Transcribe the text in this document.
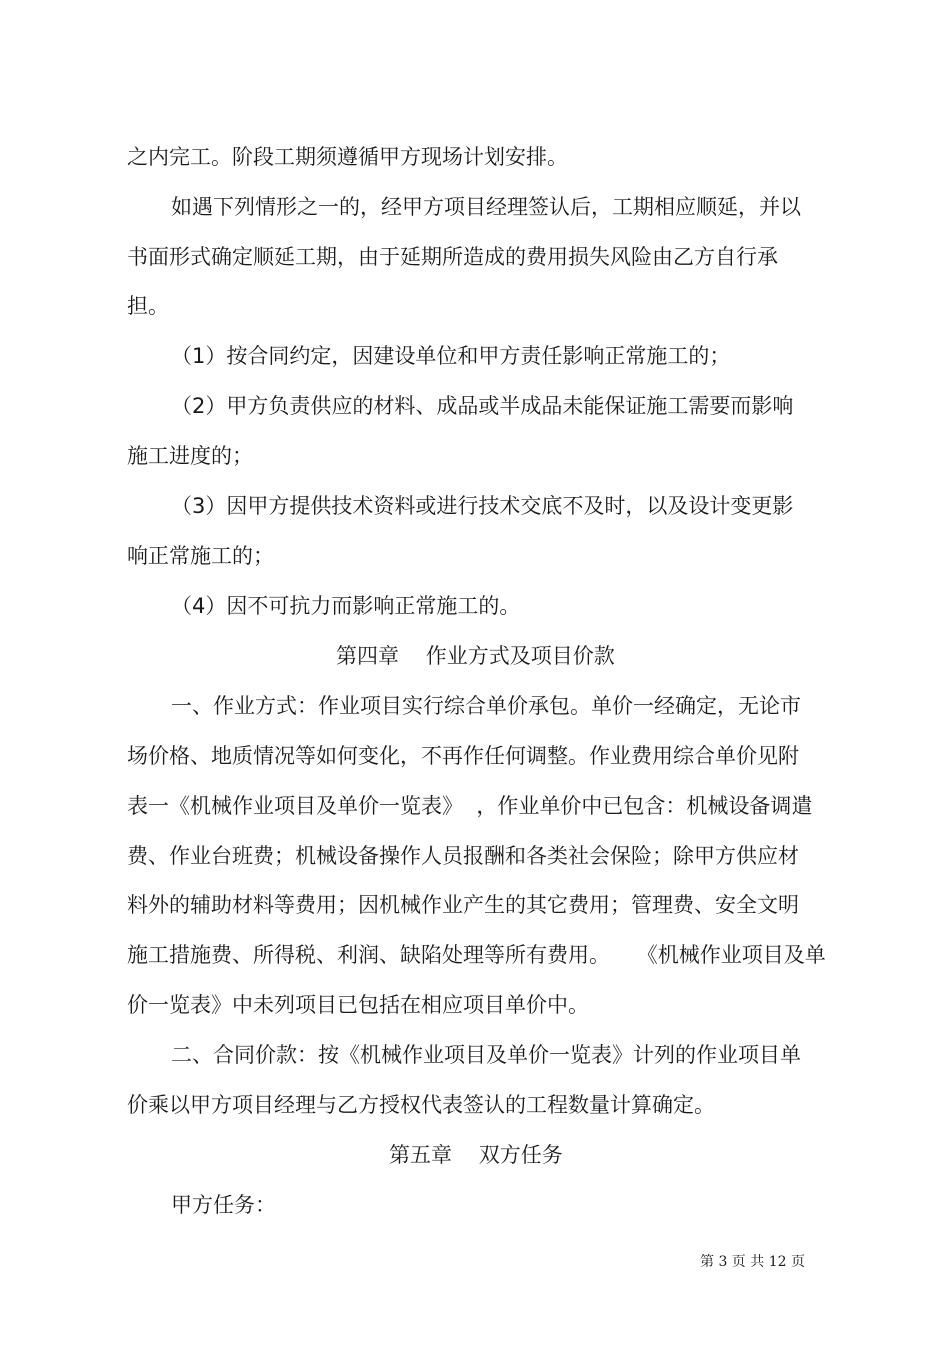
之内完工。阶段工期须遵循甲方现场计划安排。

如遇下列情形之一的，经甲方项目经理签认后，工期相应顺延，并以

书面形式确定顺延工期，由于延期所造成的费用损失风险由乙方自行承

担。

（1）按合同约定，因建设单位和甲方责任影响正常施工的；

（2）甲方负责供应的材料、成品或半成品未能保证施工需要而影响

施工进度的；

（3）因甲方提供技术资料或进行技术交底不及时，以及设计变更影

响正常施工的；

（4）因不可抗力而影响正常施工的。

第四章    作业方式及项目价款

一、作业方式：作业项目实行综合单价承包。单价一经确定，无论市

场价格、地质情况等如何变化，不再作任何调整。作业费用综合单价见附

表一《机械作业项目及单价一览表》  ，作业单价中已包含：机械设备调遣

费、作业台班费；机械设备操作人员报酬和各类社会保险；除甲方供应材

料外的辅助材料等费用；因机械作业产生的其它费用；管理费、安全文明

施工措施费、所得税、利润、缺陷处理等所有费用。    《机械作业项目及单

价一览表》中未列项目已包括在相应项目单价中。

二、合同价款：按《机械作业项目及单价一览表》计列的作业项目单

价乘以甲方项目经理与乙方授权代表签认的工程数量计算确定。

第五章    双方任务

甲方任务：

第 3 页 共 12 页
